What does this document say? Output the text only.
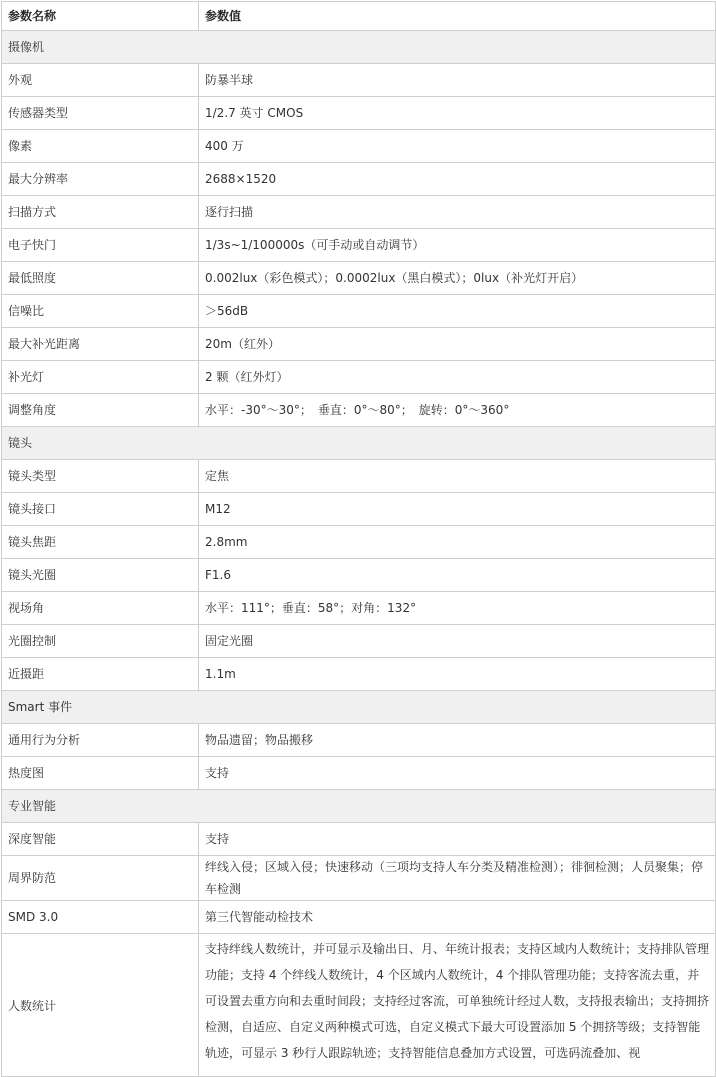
参数名称	参数值
摄像机	
外观	防暴半球
传感器类型	1/2.7 英寸 CMOS
像素	400 万
最大分辨率	2688×1520
扫描方式	逐行扫描
电子快门	1/3s~1/100000s（可手动或自动调节）
最低照度	0.002lux（彩色模式）；0.0002lux（黑白模式）；0lux（补光灯开启）
信噪比	＞56dB
最大补光距离	20m（红外）
补光灯	2 颗（红外灯）
调整角度	水平：-30°～30°；　垂直：0°～80°；　旋转：0°～360°
镜头	
镜头类型	定焦
镜头接口	M12
镜头焦距	2.8mm
镜头光圈	F1.6
视场角	水平：111°；垂直：58°；对角：132°
光圈控制	固定光圈
近摄距	1.1m
Smart 事件	
通用行为分析	物品遗留；物品搬移
热度图	支持
专业智能	
深度智能	支持
周界防范	绊线入侵；区域入侵；快速移动（三项均支持人车分类及精准检测）；徘徊检测；人员聚集；停车检测
SMD 3.0	第三代智能动检技术
人数统计	支持绊线人数统计，并可显示及输出日、月、年统计报表；支持区域内人数统计；支持排队管理功能；支持 4 个绊线人数统计，4 个区域内人数统计，4 个排队管理功能；支持客流去重，并可设置去重方向和去重时间段；支持经过客流，可单独统计经过人数，支持报表输出；支持拥挤检测，自适应、自定义两种模式可选，自定义模式下最大可设置添加 5 个拥挤等级；支持智能轨迹，可显示 3 秒行人跟踪轨迹；支持智能信息叠加方式设置，可选码流叠加、视
